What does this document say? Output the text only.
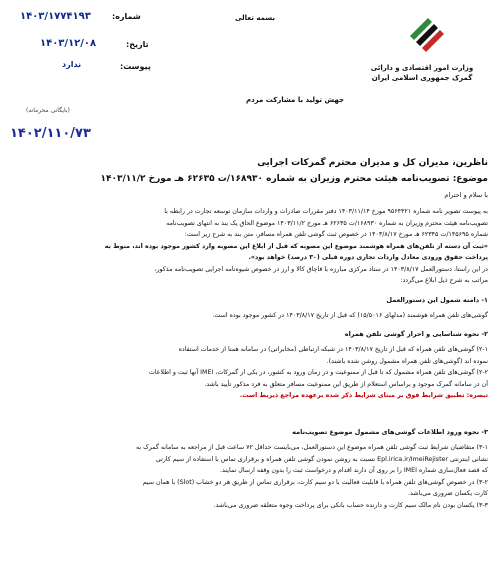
وزارت امور اقتصادی و دارائی
گمرک جمهوری اسلامی ایران
بسمه تعالی
جهش تولید با مشارکت مردم
شماره:
۱۴۰۳/۱۷۷۴۱۹۳
تاریخ:
۱۴۰۳/۱۲/۰۸
پیوست:
ندارد
(بایگانی محرمانه)
۱۴۰۲/۱۱۰/۷۳
ناظرین، مدیران کل و مدیران محترم گمرکات اجرایی
موضوع: تصویب‌نامه هیئت محترم وزیران به شماره ۱۶۸۹۳۰/ت ۶۲۶۳۵ هـ مورخ ۱۴۰۳/۱۱/۲
با سلام و احترام
به پیوست تصویر نامه شماره ۹۵۶۴۴۲۱ مورخ ۱۴۰۳/۱۱/۱۴ دفتر مقررات صادرات و واردات سازمان توسعه تجارت در رابطه با
تصویب‌نامه هیئت محترم وزیران به شماره ۱۶۸۹۳۰/ت ۶۲۶۳۵ هـ مورخ ۱۴۰۳/۱۱/۲ موضوع الحاق یک بند به انتهای تصویب‌نامه
شماره ۱۴۵۶۹۵/ت ۶۲۳۴۵ هـ مورخ ۱۴۰۳/۸/۱۷ در خصوص ثبت گوشی تلفن همراه مسافر، متن بند به شرح زیر است:
«ثبت آن دسته از تلفن‌های همراه هوشمند موضوع این مصوبه که قبل از ابلاغ این مصوبه وارد کشور موجود بوده اند، منوط به
پرداخت حقوق ورودی معادل واردات تجاری دوره قبلی (۳۰ درصد) خواهد بود».
در این راستا، دستورالعمل ۱۴۰۳/۸/۱۷ در ستاد مرکزی مبارزه با قاچاق کالا و ارز در خصوص شیوه‌نامه اجرایی تصویب‌نامه مذکور،
مراتب به شرح ذیل ابلاغ می‌گردد:
۱- دامنه شمول این دستورالعمل
گوشی‌های تلفن همراه هوشمند (مدلهای ۱۵/۵۰۱۶) که قبل از تاریخ ۱۴۰۳/۸/۱۷ در کشور موجود بوده است.
۲- نحوه شناسایی و احراز گوشی تلفن همراه
۲-۱) گوشی‌های تلفن همراه که قبل از تاریخ ۱۴۰۳/۸/۱۷ در شبکه ارتباطی (مخابراتی) در سامانه همتا از خدمات استفاده
نموده اند (گوشی‌های تلفن همراه مشمول روشن شده باشند).
۲-۲) گوشی‌های تلفن همراه مشمول که تا قبل از ممنوعیت و در زمان ورود به کشور، در یکی از گمرکات، IMEI آنها ثبت و اطلاعات
آن در سامانه گمرک موجود و براساس استعلام از طریق این ممنوعیت مسافر متعلق به فرد مذکور تأیید باشد.
تبصره: تطبیق شرایط فوق بر مبنای شرایط ذکر شده برعهده مراجع ذیربط است.
۳- نحوه ورود اطلاعات گوشی‌های مشمول موضوع تصویب‌نامه
۳-۱) متقاضیان شرایط ثبت گوشی تلفن همراه موضوع این دستورالعمل، می‌بایست حداقل ۷۲ ساعت قبل از مراجعه به سامانه گمرک به
نشانی اینترنتی Epl.irica.ir/ImeiRejister نسبت به روشن نمودن گوشی تلفن همراه و برقراری تماس با استفاده از سیم کارتی
که قصد فعال‌سازی شماره IMEI را بر روی آن دارند اقدام و درخواست ثبت را بدون وقفه ارسال نمایند.
۳-۲) در خصوص گوشی‌های تلفن همراه با قابلیت فعالیت با دو سیم کارت، برقراری تماس از طریق هر دو خشاب (Slot) با همان سیم
کارت یکسان ضروری می‌باشد.
۳-۳) یکسان بودن نام مالک سیم کارت و دارنده حساب بانکی برای پرداخت وجوه متعلقه ضروری می‌باشد.
